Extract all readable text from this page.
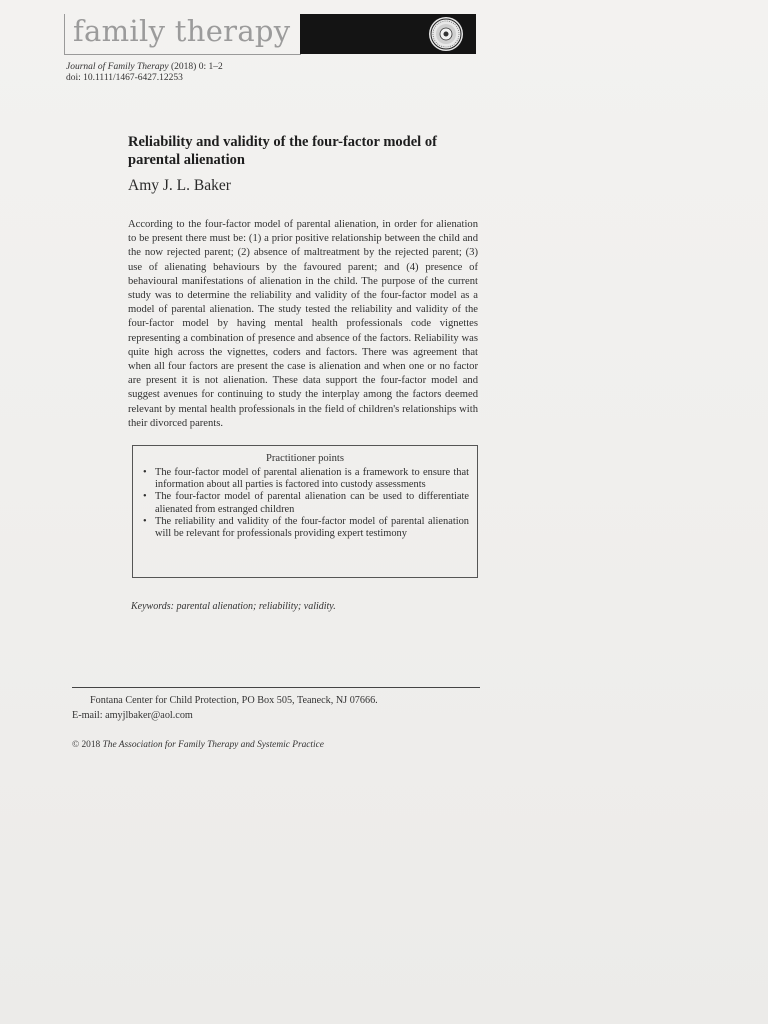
family therapy
Journal of Family Therapy (2018) 0: 1–2
doi: 10.1111/1467-6427.12253
Reliability and validity of the four-factor model of parental alienation
Amy J. L. Baker
According to the four-factor model of parental alienation, in order for alienation to be present there must be: (1) a prior positive relationship between the child and the now rejected parent; (2) absence of maltreatment by the rejected parent; (3) use of alienating behaviours by the favoured parent; and (4) presence of behavioural manifestations of alienation in the child. The purpose of the current study was to determine the reliability and validity of the four-factor model as a model of parental alienation. The study tested the reliability and validity of the four-factor model by having mental health professionals code vignettes representing a combination of presence and absence of the factors. Reliability was quite high across the vignettes, coders and factors. There was agreement that when all four factors are present the case is alienation and when one or no factor are present it is not alienation. These data support the four-factor model and suggest avenues for continuing to study the interplay among the factors deemed relevant by mental health professionals in the field of children's relationships with their divorced parents.
Practitioner points
• The four-factor model of parental alienation is a framework to ensure that information about all parties is factored into custody assessments
• The four-factor model of parental alienation can be used to differentiate alienated from estranged children
• The reliability and validity of the four-factor model of parental alienation will be relevant for professionals providing expert testimony
Keywords: parental alienation; reliability; validity.
Fontana Center for Child Protection, PO Box 505, Teaneck, NJ 07666.
E-mail: amyjlbaker@aol.com
© 2018 The Association for Family Therapy and Systemic Practice
